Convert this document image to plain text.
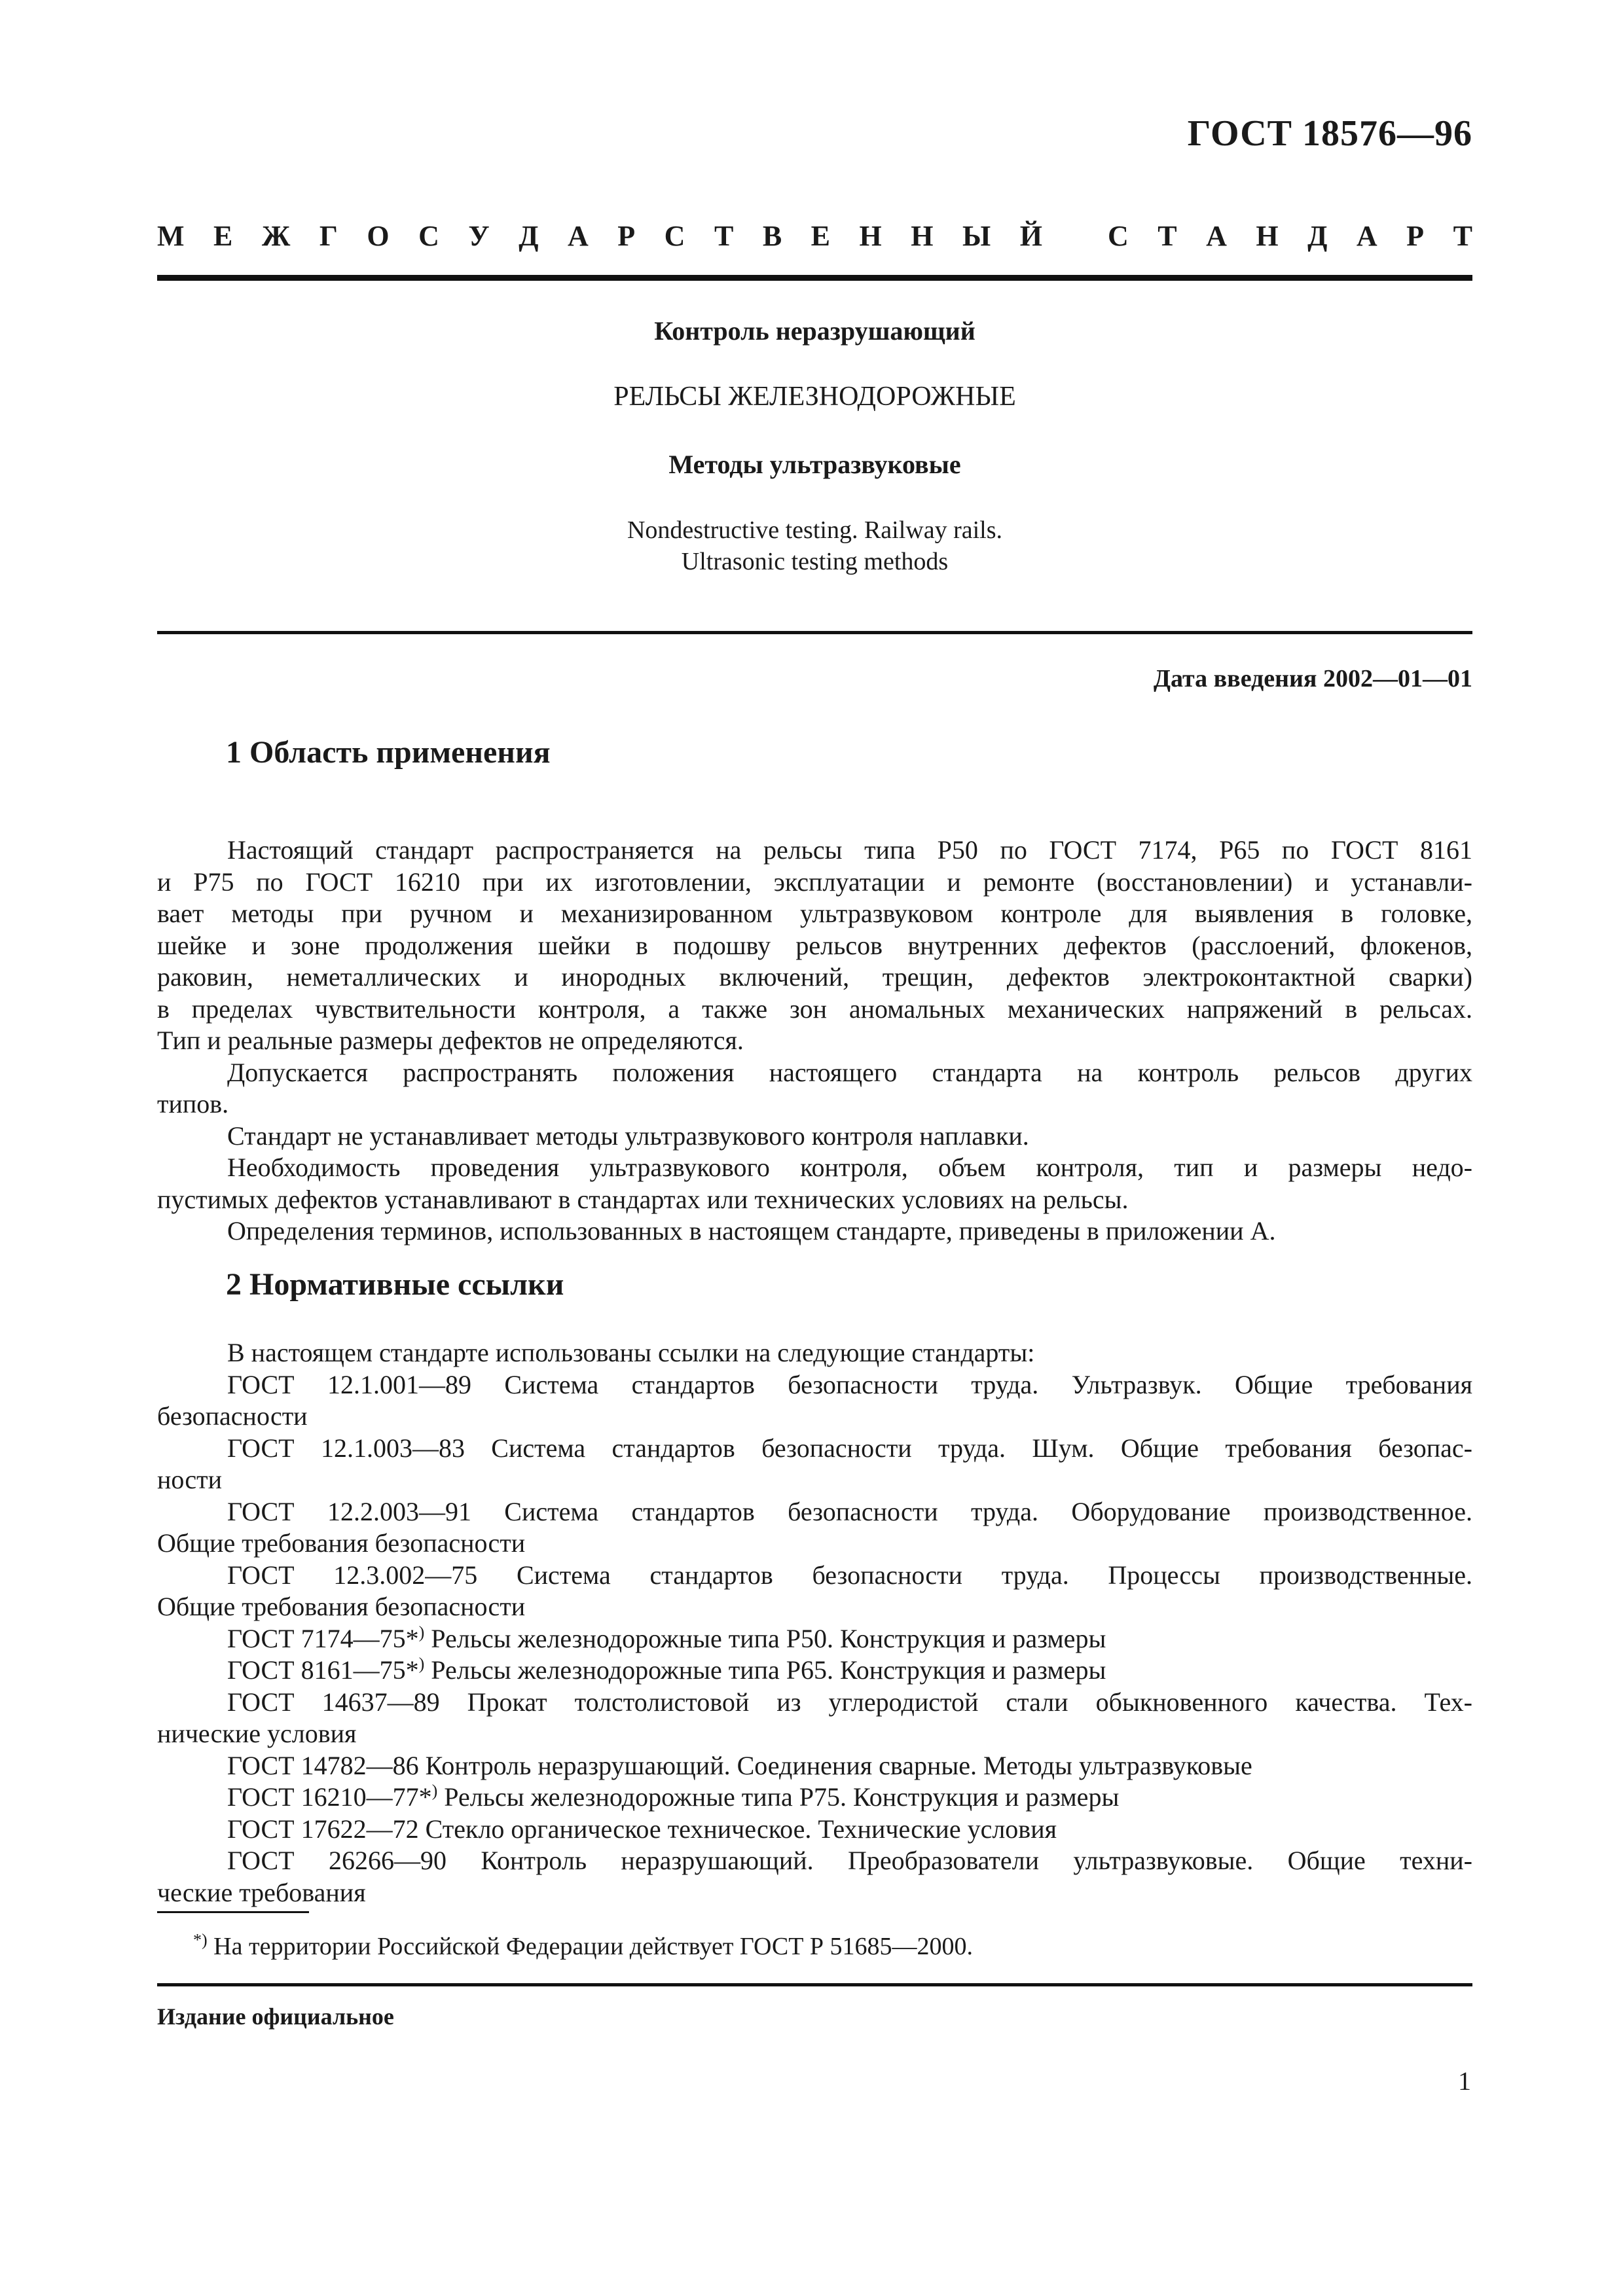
ГОСТ 18576—96
М Е Ж Г О С У Д А Р С Т В Е Н Н Ы Й
С Т А Н Д А Р Т
Контроль неразрушающий
РЕЛЬСЫ ЖЕЛЕЗНОДОРОЖНЫЕ
Методы ультразвуковые
Nondestructive testing. Railway rails.
Ultrasonic testing methods
Дата введения 2002—01—01
1 Область применения
Настоящий стандарт распространяется на рельсы типа Р50 по ГОСТ 7174, Р65 по ГОСТ 8161
и Р75 по ГОСТ 16210 при их изготовлении, эксплуатации и ремонте (восстановлении) и устанавли-
вает методы при ручном и механизированном ультразвуковом контроле для выявления в головке,
шейке и зоне продолжения шейки в подошву рельсов внутренних дефектов (расслоений, флокенов,
раковин, неметаллических и инородных включений, трещин, дефектов электроконтактной сварки)
в пределах чувствительности контроля, а также зон аномальных механических напряжений в рельсах.
Тип и реальные размеры дефектов не определяются.
Допускается распространять положения настоящего стандарта на контроль рельсов других
типов.
Стандарт не устанавливает методы ультразвукового контроля наплавки.
Необходимость проведения ультразвукового контроля, объем контроля, тип и размеры недо-
пустимых дефектов устанавливают в стандартах или технических условиях на рельсы.
Определения терминов, использованных в настоящем стандарте, приведены в приложении А.
2 Нормативные ссылки
В настоящем стандарте использованы ссылки на следующие стандарты:
ГОСТ 12.1.001—89 Система стандартов безопасности труда. Ультразвук. Общие требования
безопасности
ГОСТ 12.1.003—83 Система стандартов безопасности труда. Шум. Общие требования безопас-
ности
ГОСТ 12.2.003—91 Система стандартов безопасности труда. Оборудование производственное.
Общие требования безопасности
ГОСТ 12.3.002—75 Система стандартов безопасности труда. Процессы производственные.
Общие требования безопасности
ГОСТ 7174—75*) Рельсы железнодорожные типа Р50. Конструкция и размеры
ГОСТ 8161—75*) Рельсы железнодорожные типа Р65. Конструкция и размеры
ГОСТ 14637—89 Прокат толстолистовой из углеродистой стали обыкновенного качества. Тех-
нические условия
ГОСТ 14782—86 Контроль неразрушающий. Соединения сварные. Методы ультразвуковые
ГОСТ 16210—77*) Рельсы железнодорожные типа Р75. Конструкция и размеры
ГОСТ 17622—72 Стекло органическое техническое. Технические условия
ГОСТ 26266—90 Контроль неразрушающий. Преобразователи ультразвуковые. Общие техни-
ческие требования
*) На территории Российской Федерации действует ГОСТ Р 51685—2000.
Издание официальное
1
